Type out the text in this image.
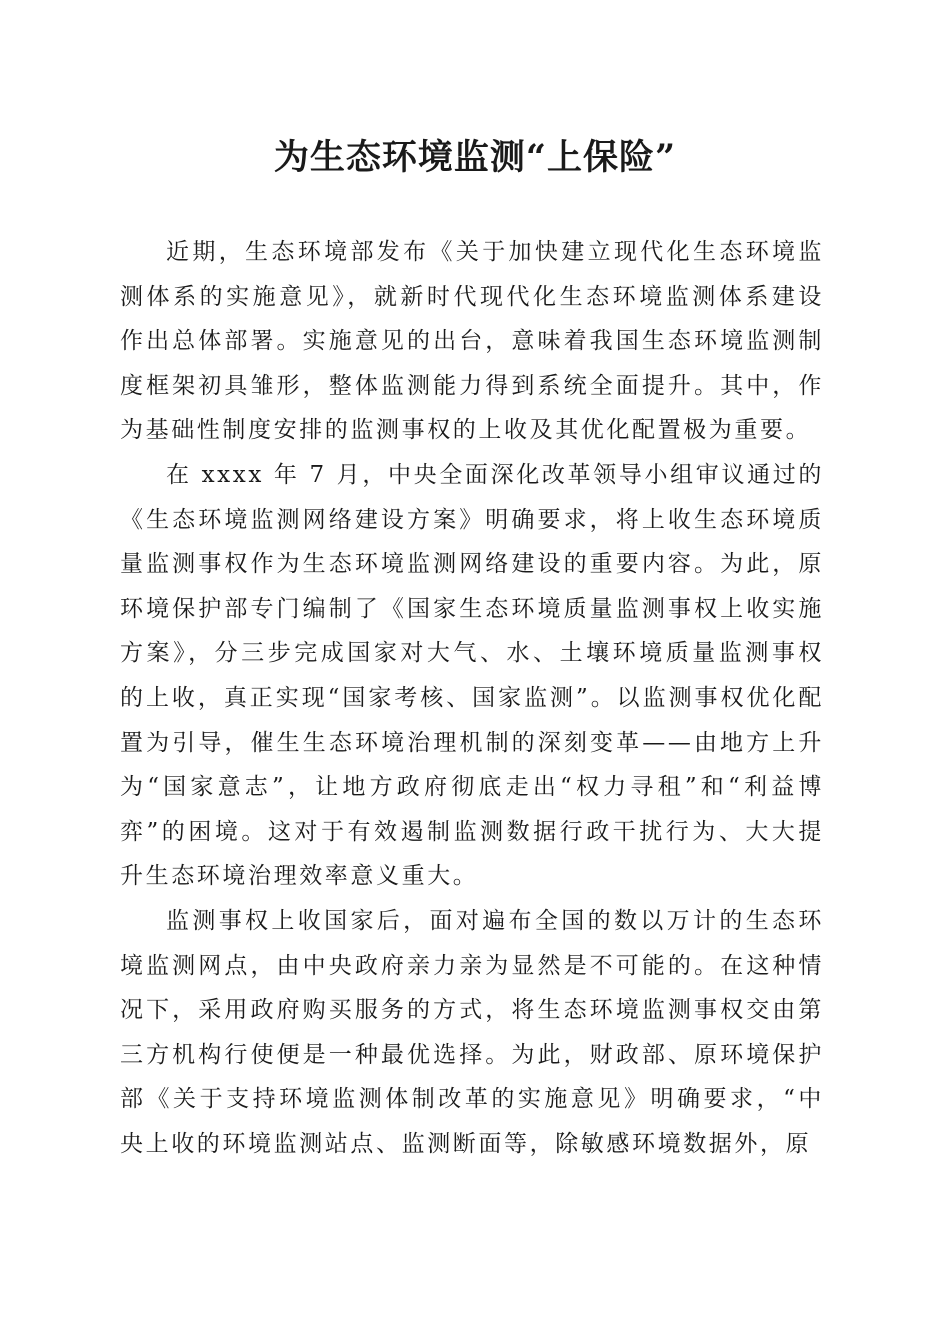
为生态环境监测“上保险”

近期，生态环境部发布《关于加快建立现代化生态环境监测体系的实施意见》，就新时代现代化生态环境监测体系建设作出总体部署。实施意见的出台，意味着我国生态环境监测制度框架初具雏形，整体监测能力得到系统全面提升。其中，作为基础性制度安排的监测事权的上收及其优化配置极为重要。

在 xxxx 年 7 月，中央全面深化改革领导小组审议通过的《生态环境监测网络建设方案》明确要求，将上收生态环境质量监测事权作为生态环境监测网络建设的重要内容。为此，原环境保护部专门编制了《国家生态环境质量监测事权上收实施方案》，分三步完成国家对大气、水、土壤环境质量监测事权的上收，真正实现“国家考核、国家监测”。以监测事权优化配置为引导，催生生态环境治理机制的深刻变革——由地方上升为“国家意志”，让地方政府彻底走出“权力寻租”和“利益博弈”的困境。这对于有效遏制监测数据行政干扰行为、大大提升生态环境治理效率意义重大。

监测事权上收国家后，面对遍布全国的数以万计的生态环境监测网点，由中央政府亲力亲为显然是不可能的。在这种情况下，采用政府购买服务的方式，将生态环境监测事权交由第三方机构行使便是一种最优选择。为此，财政部、原环境保护部《关于支持环境监测体制改革的实施意见》明确要求，“中央上收的环境监测站点、监测断面等，除敏感环境数据外，原
